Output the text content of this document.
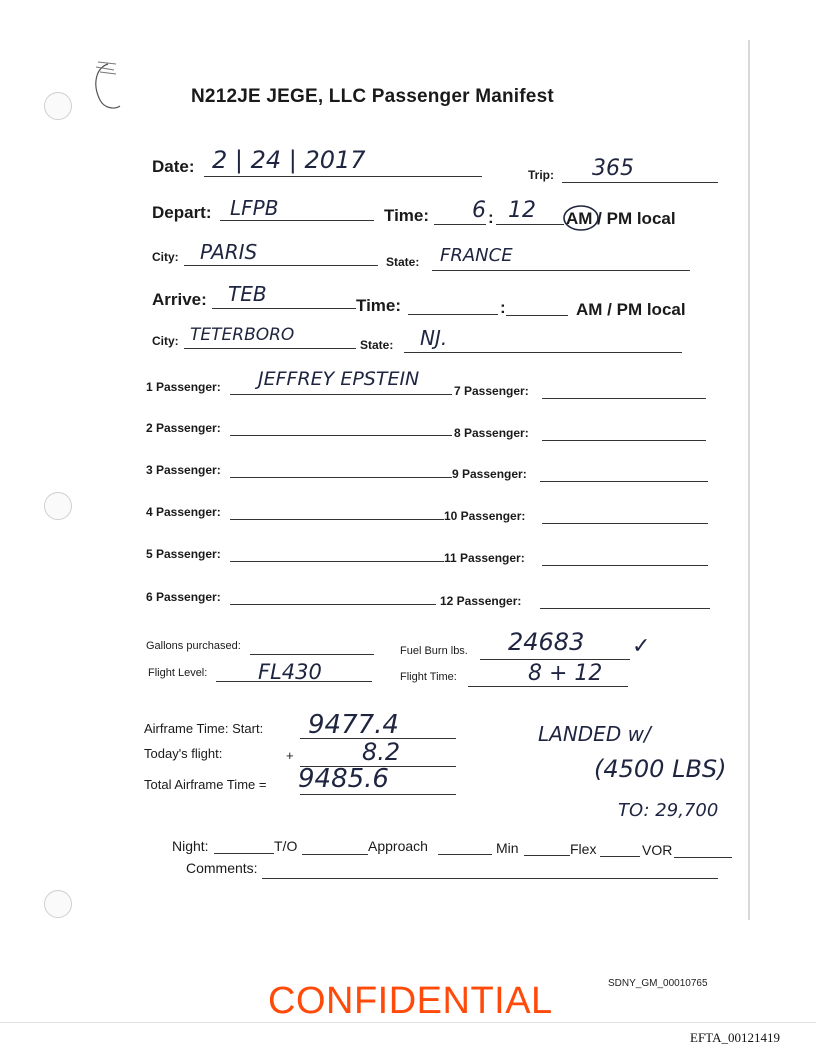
N212JE JEGE, LLC Passenger Manifest
Date: 2 | 24 | 2017
Trip: 365
Depart: LFPB	Time: 6 : 12 AM / PM local
City: PARIS	State: FRANCE
Arrive: TEB	Time:	:	AM / PM local
City: TETERBORO	State: NJ.
1 Passenger: JEFFREY EPSTEIN
2 Passenger:
3 Passenger:
4 Passenger:
5 Passenger:
6 Passenger:
7 Passenger:
8 Passenger:
9 Passenger:
10 Passenger:
11 Passenger:
12 Passenger:
Gallons purchased:	Fuel Burn lbs. 24683 ✓
Flight Level: FL430	Flight Time:	8 + 12
Airframe Time: Start: 9477.4
Today's flight:	+	8.2
Total Airframe Time = 9485.6
LANDED w/
(4500 LBS)
TO: 29,700
Night:	T/O	Approach	Min	Flex	VOR
Comments:
CONFIDENTIAL	SDNY_GM_00010765
EFTA_00121419
